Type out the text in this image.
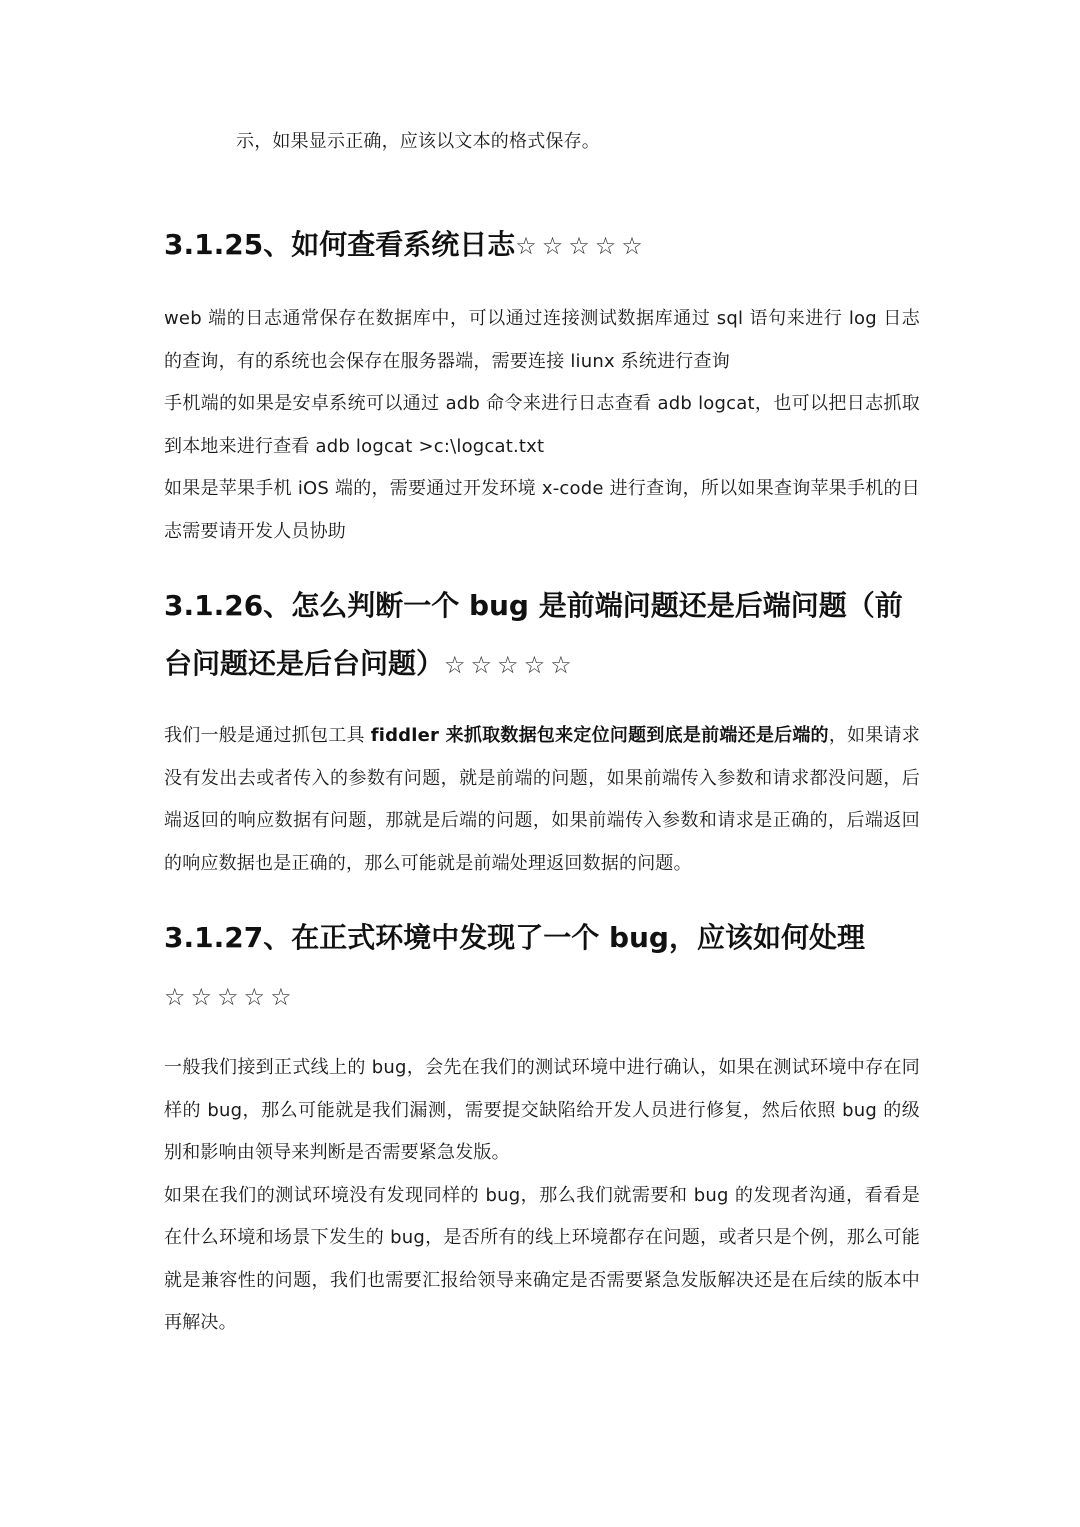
示，如果显示正确，应该以文本的格式保存。

3.1.25、如何查看系统日志☆☆☆☆☆
web 端的日志通常保存在数据库中，可以通过连接测试数据库通过 sql 语句来进行 log 日志的查询，有的系统也会保存在服务器端，需要连接 liunx 系统进行查询
手机端的如果是安卓系统可以通过 adb 命令来进行日志查看 adb logcat，也可以把日志抓取到本地来进行查看 adb logcat >c:\logcat.txt
如果是苹果手机 iOS 端的，需要通过开发环境 x-code 进行查询，所以如果查询苹果手机的日志需要请开发人员协助
3.1.26、怎么判断一个 bug 是前端问题还是后端问题（前台问题还是后台问题）☆☆☆☆☆
我们一般是通过抓包工具 fiddler 来抓取数据包来定位问题到底是前端还是后端的，如果请求没有发出去或者传入的参数有问题，就是前端的问题，如果前端传入参数和请求都没问题，后端返回的响应数据有问题，那就是后端的问题，如果前端传入参数和请求是正确的，后端返回的响应数据也是正确的，那么可能就是前端处理返回数据的问题。
3.1.27、在正式环境中发现了一个 bug，应该如何处理☆☆☆☆☆
一般我们接到正式线上的 bug，会先在我们的测试环境中进行确认，如果在测试环境中存在同样的 bug，那么可能就是我们漏测，需要提交缺陷给开发人员进行修复，然后依照 bug 的级别和影响由领导来判断是否需要紧急发版。
如果在我们的测试环境没有发现同样的 bug，那么我们就需要和 bug 的发现者沟通，看看是在什么环境和场景下发生的 bug，是否所有的线上环境都存在问题，或者只是个例，那么可能就是兼容性的问题，我们也需要汇报给领导来确定是否需要紧急发版解决还是在后续的版本中再解决。
